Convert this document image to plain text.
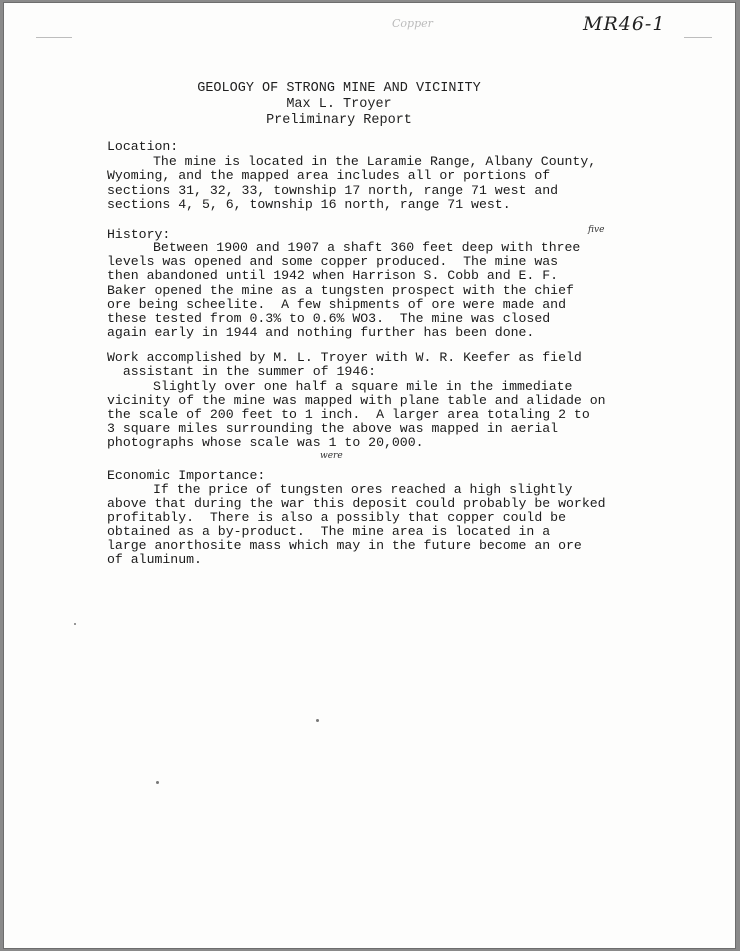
Copper	MR46-1
GEOLOGY OF STRONG MINE AND VICINITY
Max L. Troyer
Preliminary Report
Location:
The mine is located in the Laramie Range, Albany County,
Wyoming, and the mapped area includes all or portions of
sections 31, 32, 33, township 17 north, range 71 west and
sections 4, 5, 6, township 16 north, range 71 west.
History:	five
Between 1900 and 1907 a shaft 360 feet deep with three
levels was opened and some copper produced.  The mine was
then abandoned until 1942 when Harrison S. Cobb and E. F.
Baker opened the mine as a tungsten prospect with the chief
ore being scheelite.  A few shipments of ore were made and
these tested from 0.3% to 0.6% WO3.  The mine was closed
again early in 1944 and nothing further has been done.
Work accomplished by M. L. Troyer with W. R. Keefer as field
assistant in the summer of 1946:
Slightly over one half a square mile in the immediate
vicinity of the mine was mapped with plane table and alidade on
the scale of 200 feet to 1 inch.  A larger area totaling 2 to
3 square miles surrounding the above was mapped in aerial
photographs whose scale was 1 to 20,000.
were
Economic Importance:
If the price of tungsten ores reached a high slightly
above that during the war this deposit could probably be worked
profitably.  There is also a possibly that copper could be
obtained as a by-product.  The mine area is located in a
large anorthosite mass which may in the future become an ore
of aluminum.
